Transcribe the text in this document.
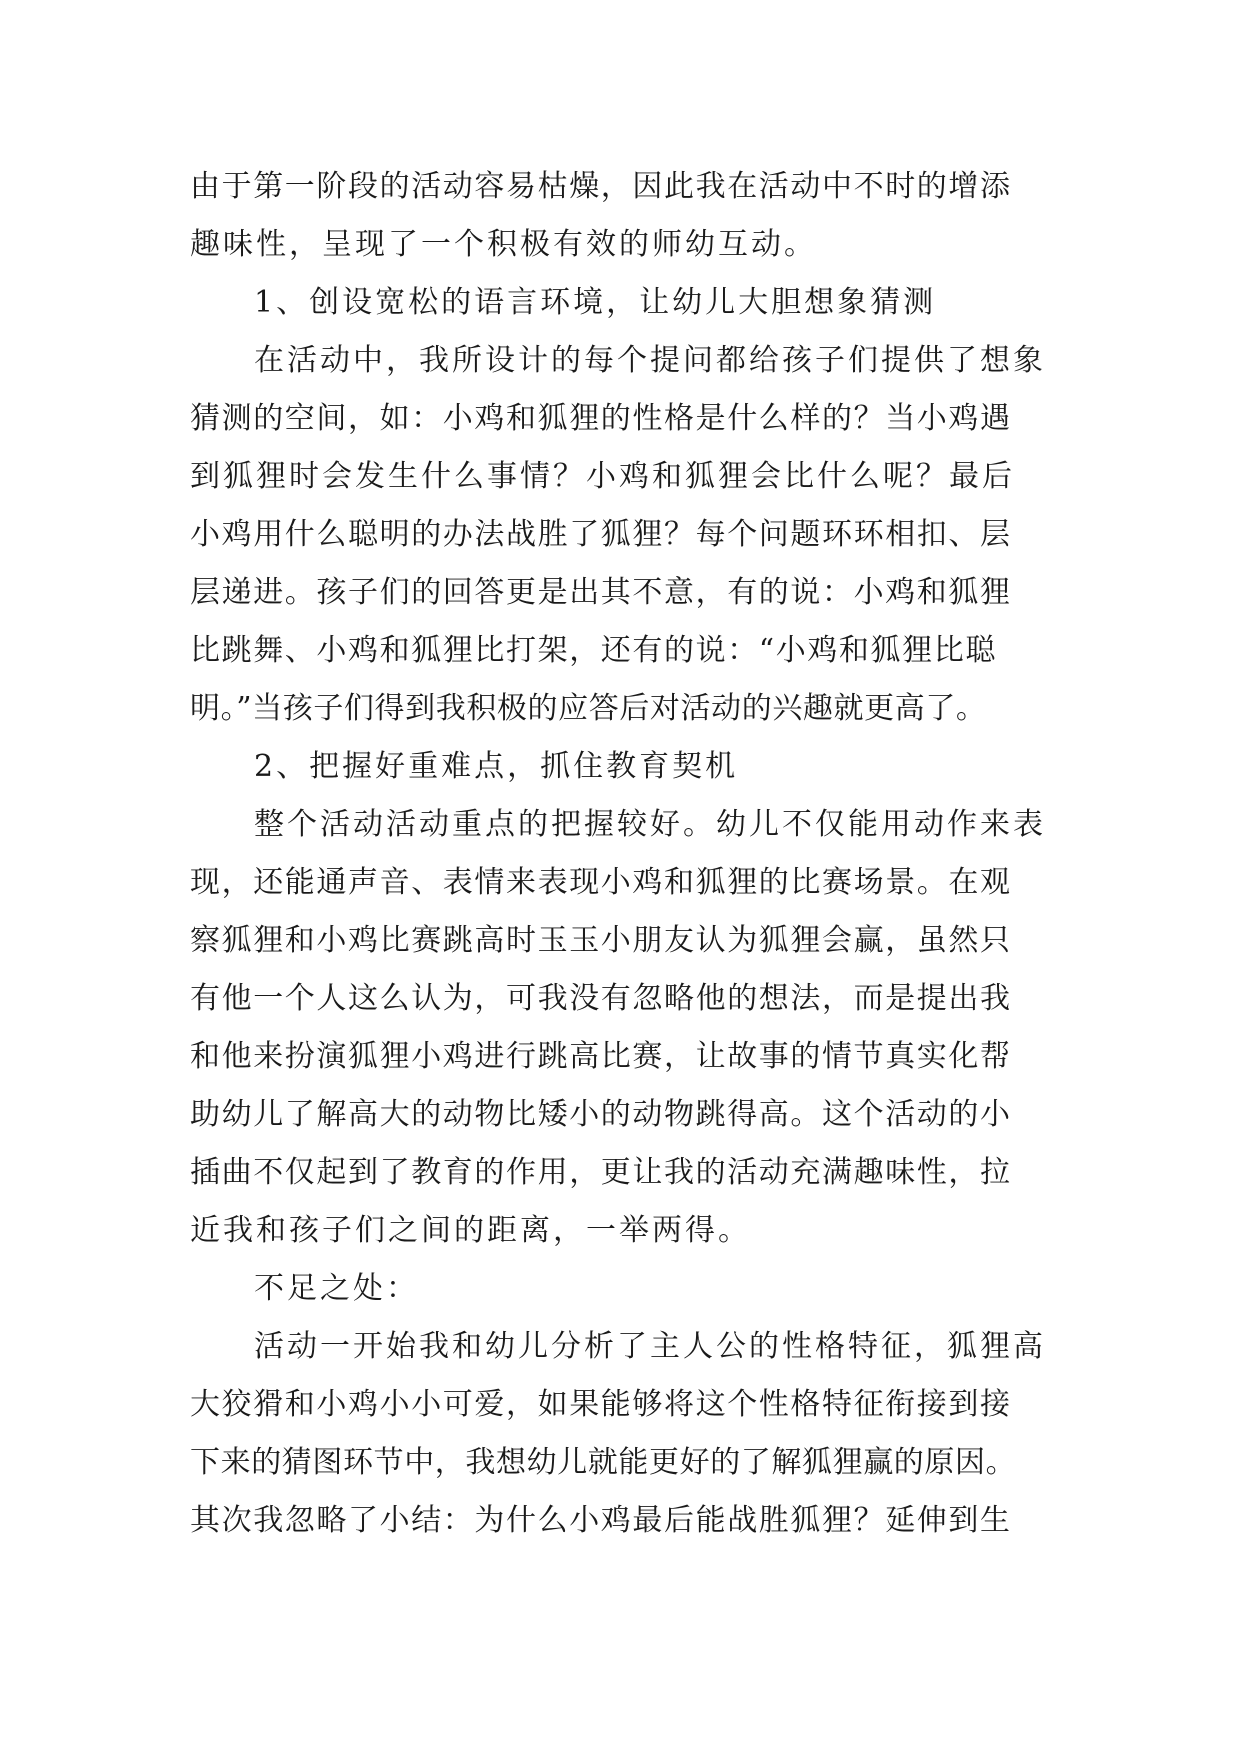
由于第一阶段的活动容易枯燥，因此我在活动中不时的增添
趣味性，呈现了一个积极有效的师幼互动。
1、创设宽松的语言环境，让幼儿大胆想象猜测
在活动中，我所设计的每个提问都给孩子们提供了想象
猜测的空间，如：小鸡和狐狸的性格是什么样的？当小鸡遇
到狐狸时会发生什么事情？小鸡和狐狸会比什么呢？最后
小鸡用什么聪明的办法战胜了狐狸？每个问题环环相扣、层
层递进。孩子们的回答更是出其不意，有的说：小鸡和狐狸
比跳舞、小鸡和狐狸比打架，还有的说：“小鸡和狐狸比聪
明。”当孩子们得到我积极的应答后对活动的兴趣就更高了。
2、把握好重难点，抓住教育契机
整个活动活动重点的把握较好。幼儿不仅能用动作来表
现，还能通声音、表情来表现小鸡和狐狸的比赛场景。在观
察狐狸和小鸡比赛跳高时玉玉小朋友认为狐狸会赢，虽然只
有他一个人这么认为，可我没有忽略他的想法，而是提出我
和他来扮演狐狸小鸡进行跳高比赛，让故事的情节真实化帮
助幼儿了解高大的动物比矮小的动物跳得高。这个活动的小
插曲不仅起到了教育的作用，更让我的活动充满趣味性，拉
近我和孩子们之间的距离，一举两得。
不足之处：
活动一开始我和幼儿分析了主人公的性格特征，狐狸高
大狡猾和小鸡小小可爱，如果能够将这个性格特征衔接到接
下来的猜图环节中，我想幼儿就能更好的了解狐狸赢的原因。
其次我忽略了小结：为什么小鸡最后能战胜狐狸？延伸到生
